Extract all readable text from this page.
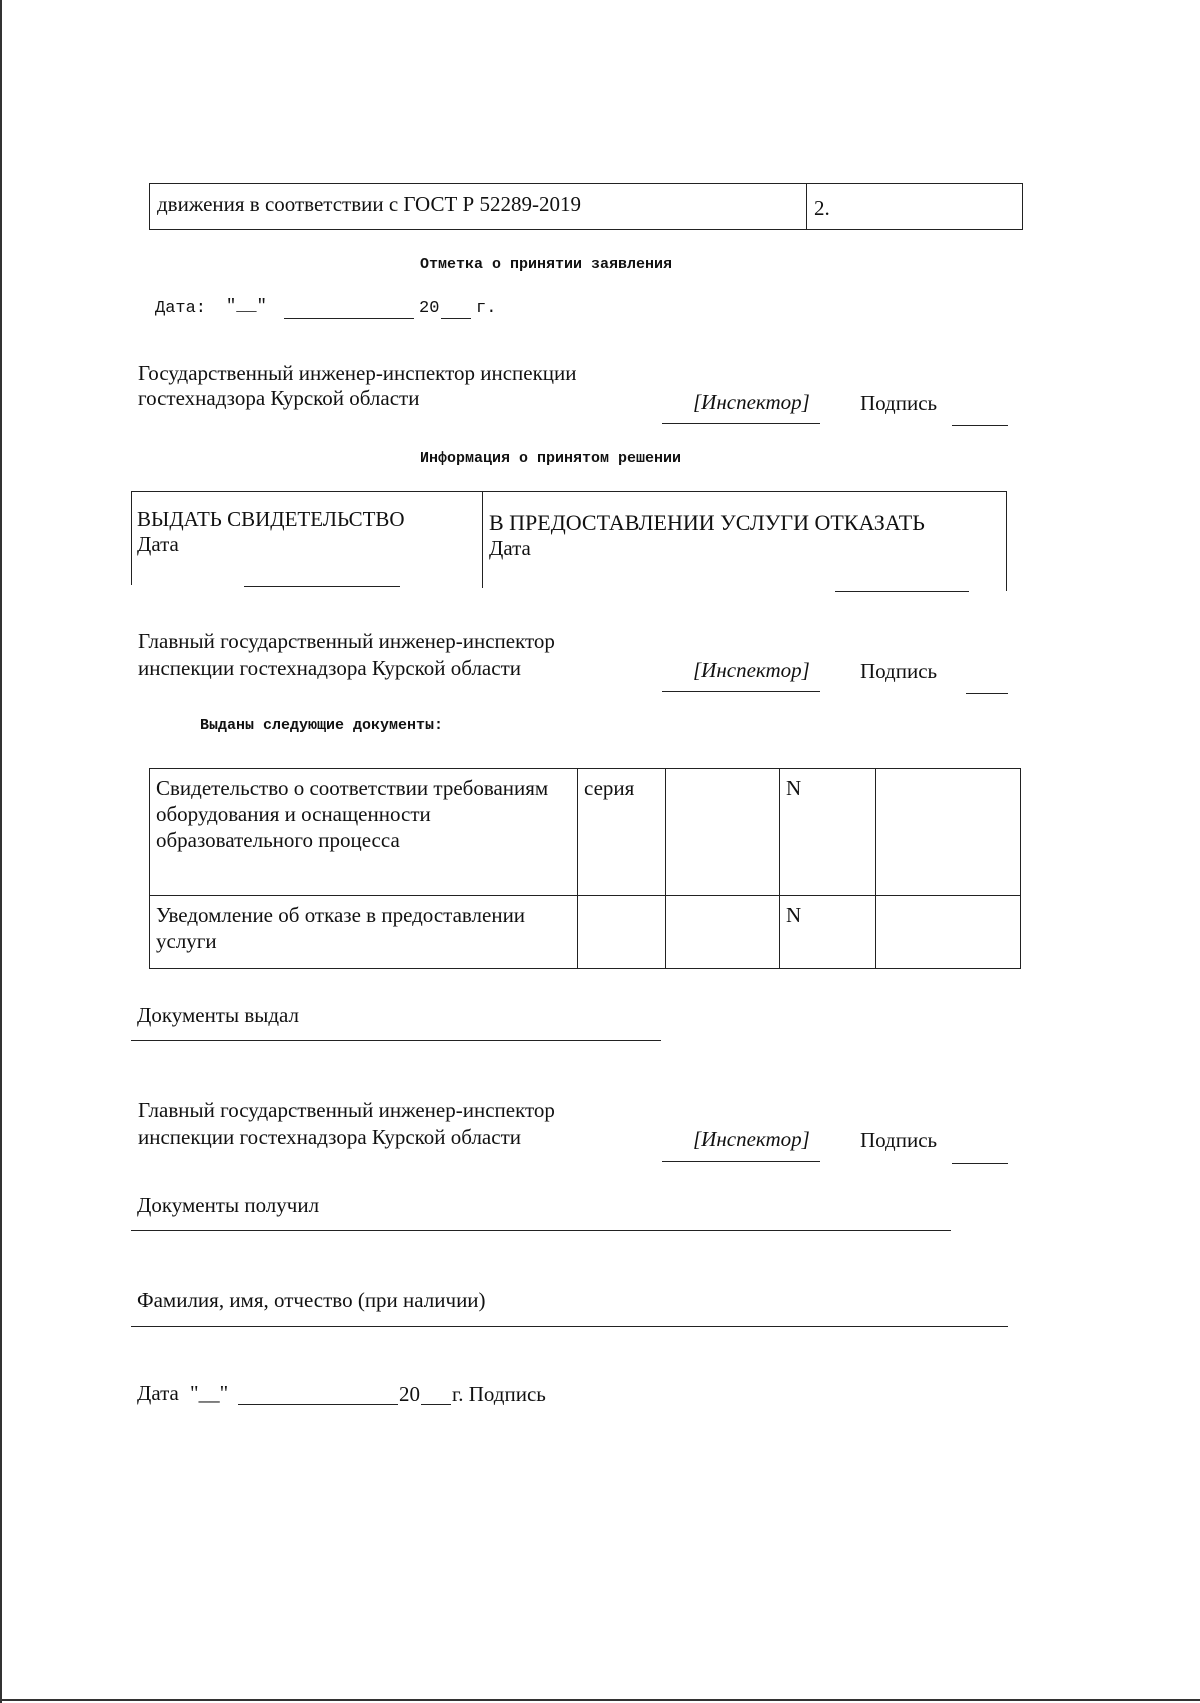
движения в соответствии с ГОСТ Р 52289-2019	2.
Отметка о принятии заявления
Дата: "__"	20 г.
Государственный инженер-инспектор инспекции
гостехнадзора Курской области	[Инспектор] Подпись
Информация о принятом решении
ВЫДАТЬ СВИДЕТЕЛЬСТВО
Дата
В ПРЕДОСТАВЛЕНИИ УСЛУГИ ОТКАЗАТЬ
Дата
Главный государственный инженер-инспектор
инспекции гостехнадзора Курской области	[Инспектор] Подпись
Выданы следующие документы:
Свидетельство о соответствии требованиям оборудования и оснащенности образовательного процесса	серия		N	
Уведомление об отказе в предоставлении услуги			N	
Документы выдал
Главный государственный инженер-инспектор
инспекции гостехнадзора Курской области	[Инспектор] Подпись
Документы получил
Фамилия, имя, отчество (при наличии)
Дата "__"	20 г. Подпись
